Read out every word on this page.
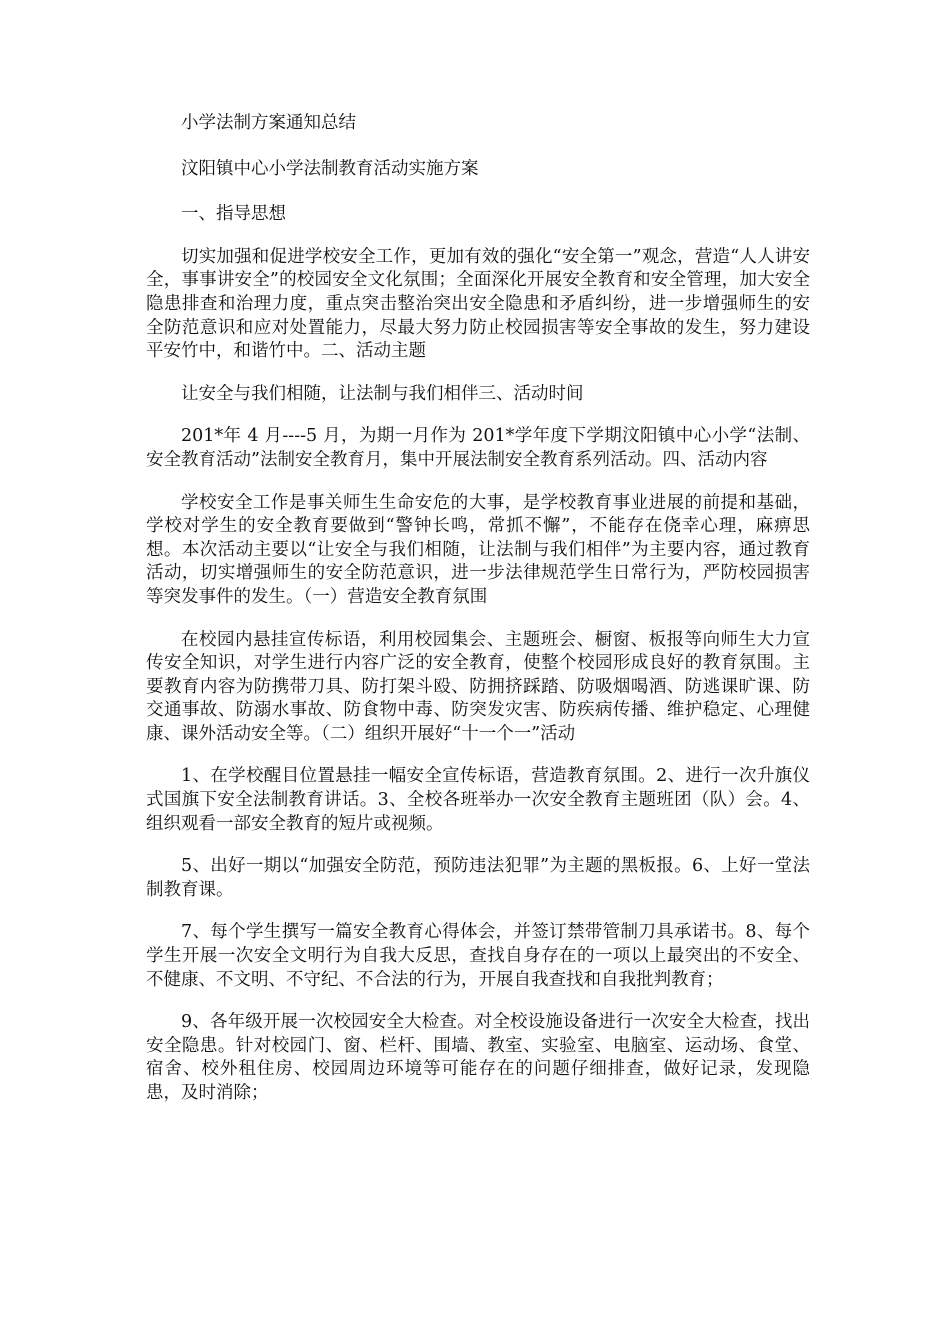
小学法制方案通知总结

汶阳镇中心小学法制教育活动实施方案

一、指导思想

切实加强和促进学校安全工作，更加有效的强化“安全第一”观念，营造“人人讲安全，事事讲安全”的校园安全文化氛围；全面深化开展安全教育和安全管理，加大安全隐患排查和治理力度，重点突击整治突出安全隐患和矛盾纠纷，进一步增强师生的安全防范意识和应对处置能力，尽最大努力防止校园损害等安全事故的发生，努力建设平安竹中，和谐竹中。二、活动主题

让安全与我们相随，让法制与我们相伴三、活动时间

201*年 4 月----5 月，为期一月作为 201*学年度下学期汶阳镇中心小学“法制、安全教育活动”法制安全教育月，集中开展法制安全教育系列活动。四、活动内容

学校安全工作是事关师生生命安危的大事，是学校教育事业进展的前提和基础，学校对学生的安全教育要做到“警钟长鸣，常抓不懈”，不能存在侥幸心理，麻痹思想。本次活动主要以“让安全与我们相随，让法制与我们相伴”为主要内容，通过教育活动，切实增强师生的安全防范意识，进一步法律规范学生日常行为，严防校园损害等突发事件的发生。（一）营造安全教育氛围

在校园内悬挂宣传标语，利用校园集会、主题班会、橱窗、板报等向师生大力宣传安全知识，对学生进行内容广泛的安全教育，使整个校园形成良好的教育氛围。主要教育内容为防携带刀具、防打架斗殴、防拥挤踩踏、防吸烟喝酒、防逃课旷课、防交通事故、防溺水事故、防食物中毒、防突发灾害、防疾病传播、维护稳定、心理健康、课外活动安全等。（二）组织开展好“十一个一”活动

1、在学校醒目位置悬挂一幅安全宣传标语，营造教育氛围。2、进行一次升旗仪式国旗下安全法制教育讲话。3、全校各班举办一次安全教育主题班团（队）会。4、组织观看一部安全教育的短片或视频。

5、出好一期以“加强安全防范，预防违法犯罪”为主题的黑板报。6、上好一堂法制教育课。

7、每个学生撰写一篇安全教育心得体会，并签订禁带管制刀具承诺书。8、每个学生开展一次安全文明行为自我大反思，查找自身存在的一项以上最突出的不安全、不健康、不文明、不守纪、不合法的行为，开展自我查找和自我批判教育；

9、各年级开展一次校园安全大检查。对全校设施设备进行一次安全大检查，找出安全隐患。针对校园门、窗、栏杆、围墙、教室、实验室、电脑室、运动场、食堂、宿舍、校外租住房、校园周边环境等可能存在的问题仔细排查，做好记录，发现隐患，及时消除；
